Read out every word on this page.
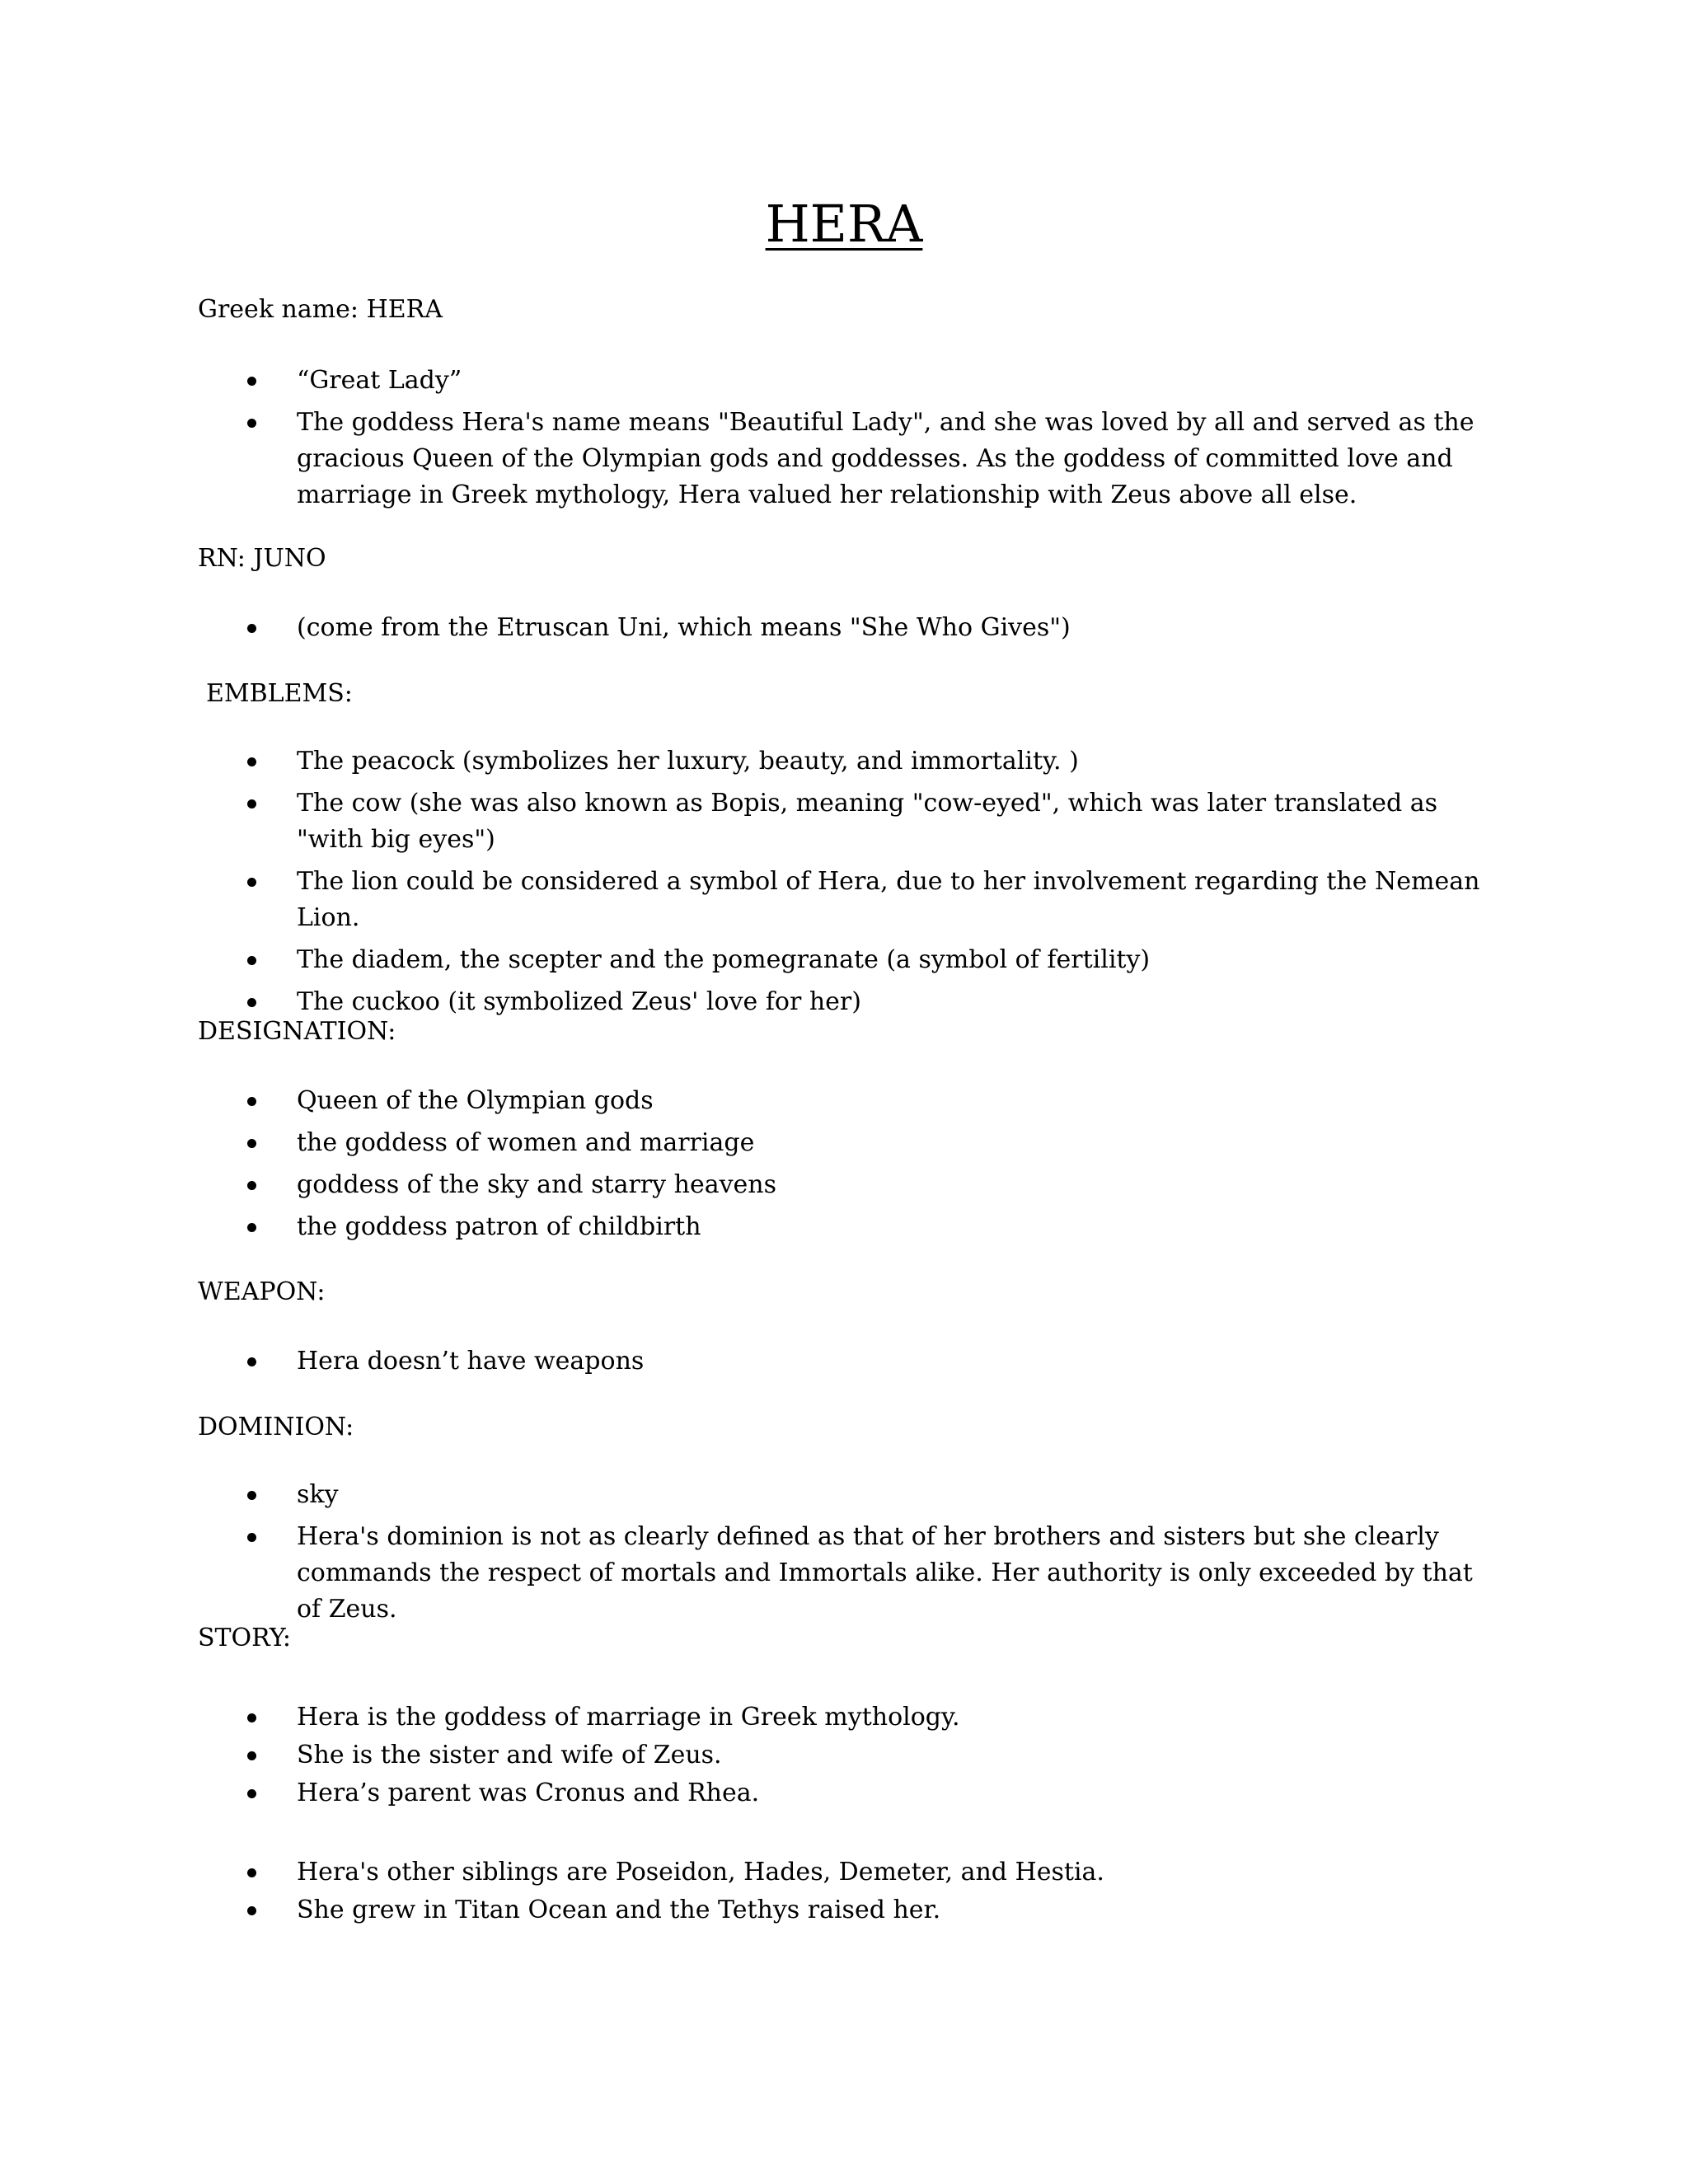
HERA
Greek name: HERA
“Great Lady”
The goddess Hera's name means "Beautiful Lady", and she was loved by all and served as the gracious Queen of the Olympian gods and goddesses. As the goddess of committed love and marriage in Greek mythology, Hera valued her relationship with Zeus above all else.
RN: JUNO
(come from the Etruscan Uni, which means "She Who Gives")
EMBLEMS:
The peacock (symbolizes her luxury, beauty, and immortality. )
The cow (she was also known as Bopis, meaning "cow-eyed", which was later translated as "with big eyes")
The lion could be considered a symbol of Hera, due to her involvement regarding the Nemean Lion.
The diadem, the scepter and the pomegranate (a symbol of fertility)
The cuckoo (it symbolized Zeus' love for her)
DESIGNATION:
Queen of the Olympian gods
the goddess of women and marriage
goddess of the sky and starry heavens
the goddess patron of childbirth
WEAPON:
Hera doesn’t have weapons
DOMINION:
sky
Hera's dominion is not as clearly defined as that of her brothers and sisters but she clearly commands the respect of mortals and Immortals alike. Her authority is only exceeded by that of Zeus.
STORY:
Hera is the goddess of marriage in Greek mythology.
She is the sister and wife of Zeus.
Hera’s parent was Cronus and Rhea.
Hera's other siblings are Poseidon, Hades, Demeter, and Hestia.
She grew in Titan Ocean and the Tethys raised her.
